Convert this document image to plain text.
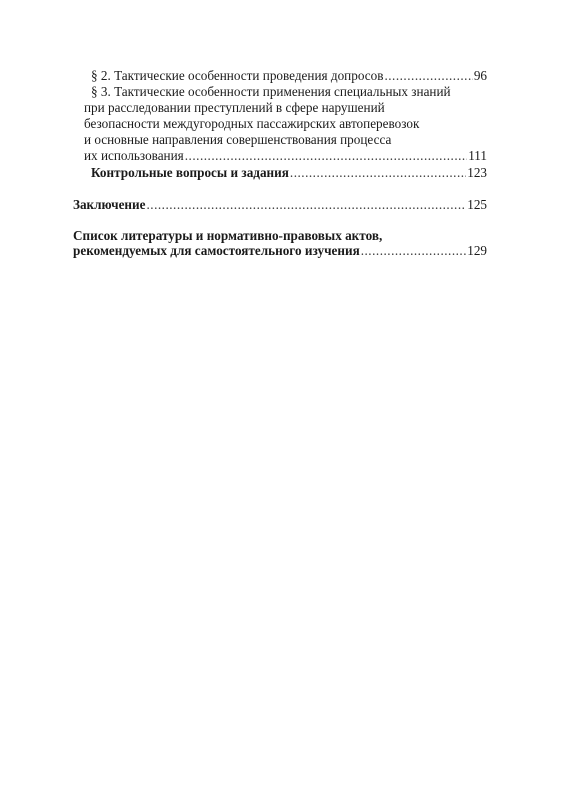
§ 2. Тактические особенности проведения допросов .....	96
§ 3. Тактические особенности применения специальных знаний
при расследовании преступлений в сфере нарушений
безопасности междугородных пассажирских автоперевозок
и основные направления совершенствования процесса
их использования .....	111
Контрольные вопросы и задания .....	123
Заключение .....	125
Список литературы и нормативно-правовых актов,
рекомендуемых для самостоятельного изучения .....	129
